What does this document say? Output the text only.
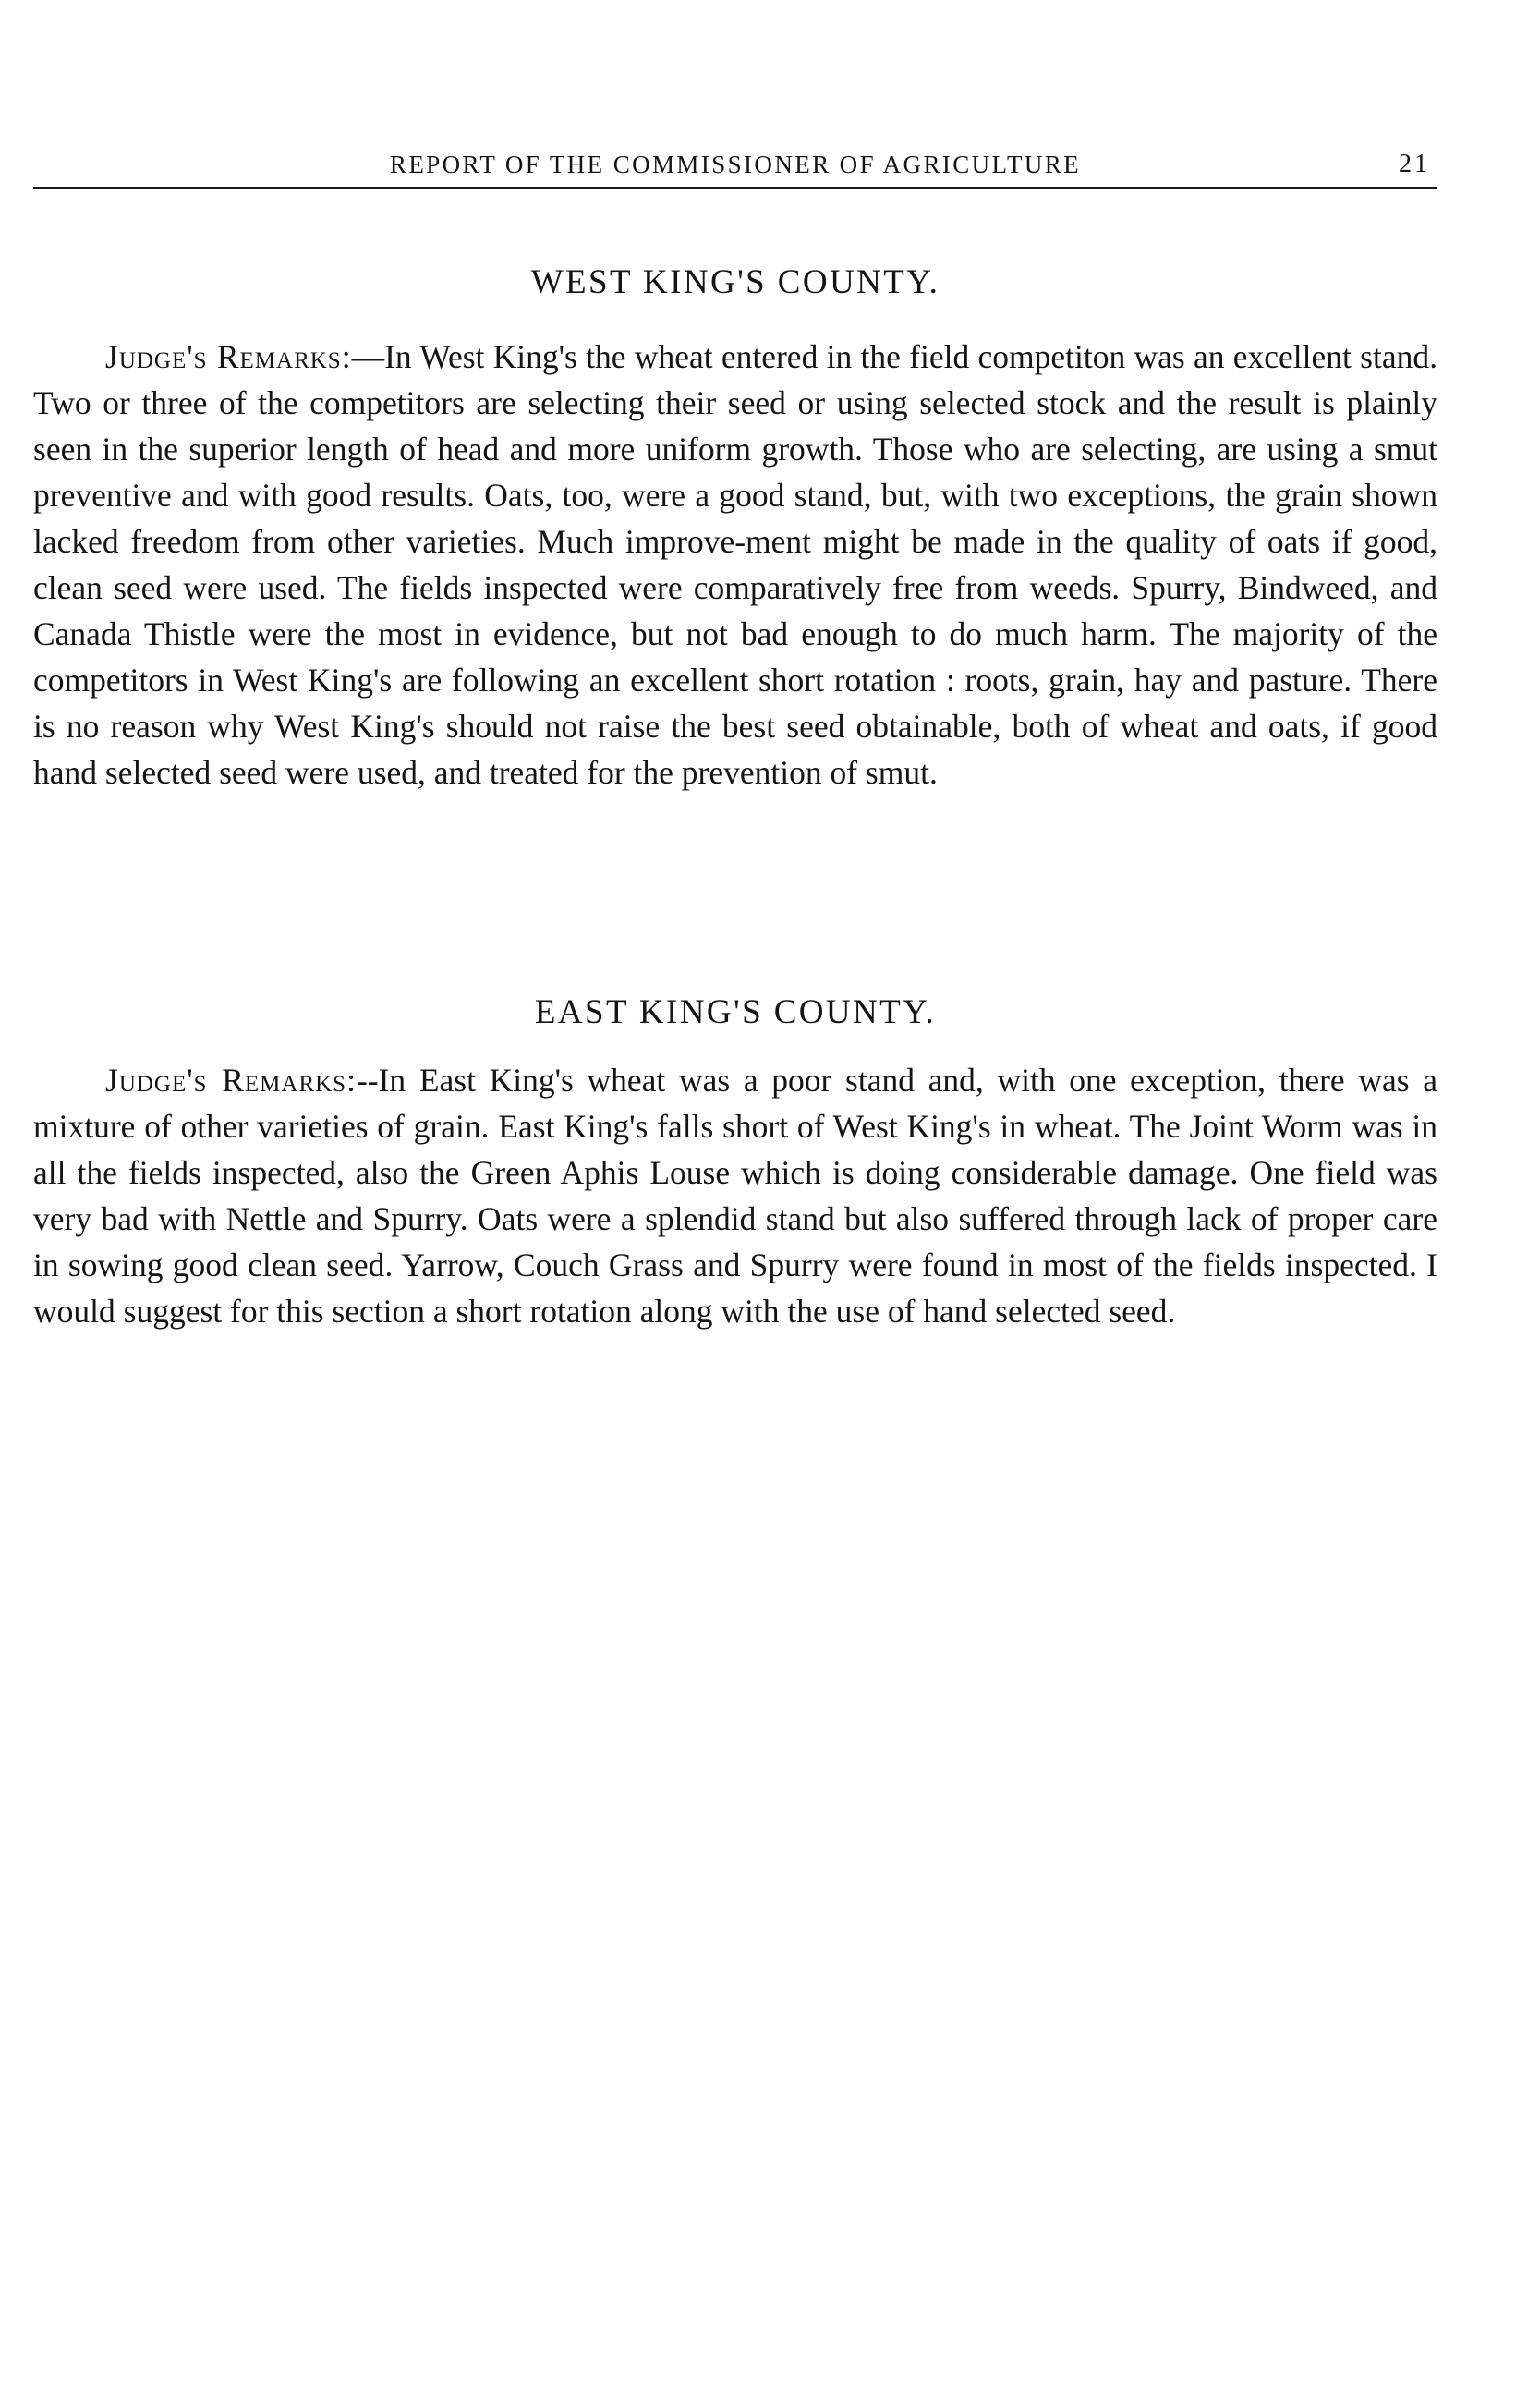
REPORT OF THE COMMISSIONER OF AGRICULTURE	21
WEST KING'S COUNTY.

Judge's Remarks:—In West King's the wheat entered in the field competiton was an excellent stand. Two or three of the competitors are selecting their seed or using selected stock and the result is plainly seen in the superior length of head and more uniform growth. Those who are selecting, are using a smut preventive and with good results. Oats, too, were a good stand, but, with two exceptions, the grain shown lacked freedom from other varieties. Much improve-ment might be made in the quality of oats if good, clean seed were used. The fields inspected were comparatively free from weeds. Spurry, Bindweed, and Canada Thistle were the most in evidence, but not bad enough to do much harm. The majority of the competitors in West King's are following an excellent short rotation : roots, grain, hay and pasture. There is no reason why West King's should not raise the best seed obtainable, both of wheat and oats, if good hand selected seed were used, and treated for the prevention of smut.

EAST KING'S COUNTY.

Judge's Remarks:--In East King's wheat was a poor stand and, with one exception, there was a mixture of other varieties of grain. East King's falls short of West King's in wheat. The Joint Worm was in all the fields inspected, also the Green Aphis Louse which is doing considerable damage. One field was very bad with Nettle and Spurry. Oats were a splendid stand but also suffered through lack of proper care in sowing good clean seed. Yarrow, Couch Grass and Spurry were found in most of the fields inspected. I would suggest for this section a short rotation along with the use of hand selected seed.
